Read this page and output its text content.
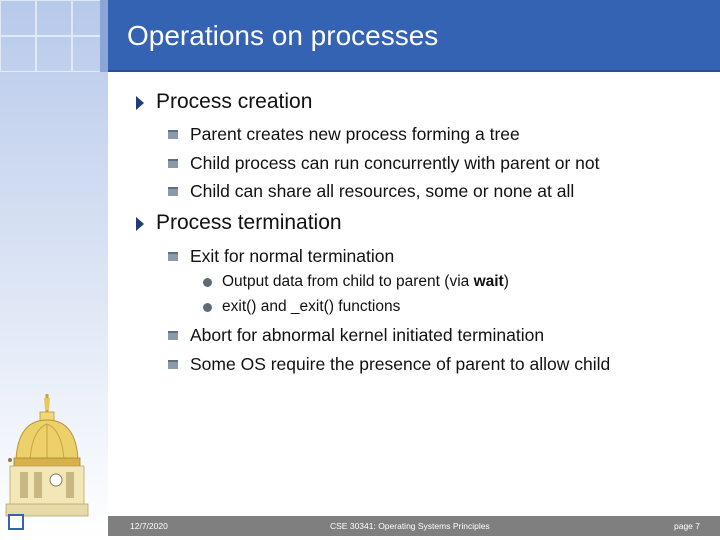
Operations on processes
Process creation
Parent creates new process forming a tree
Child process can run concurrently with parent or not
Child can share all resources, some or none at all
Process termination
Exit for normal termination
Output data from child to parent (via wait)
exit() and _exit() functions
Abort for abnormal kernel initiated termination
Some OS require the presence of parent to allow child
12/7/2020	CSE 30341: Operating Systems Principles	page 7
